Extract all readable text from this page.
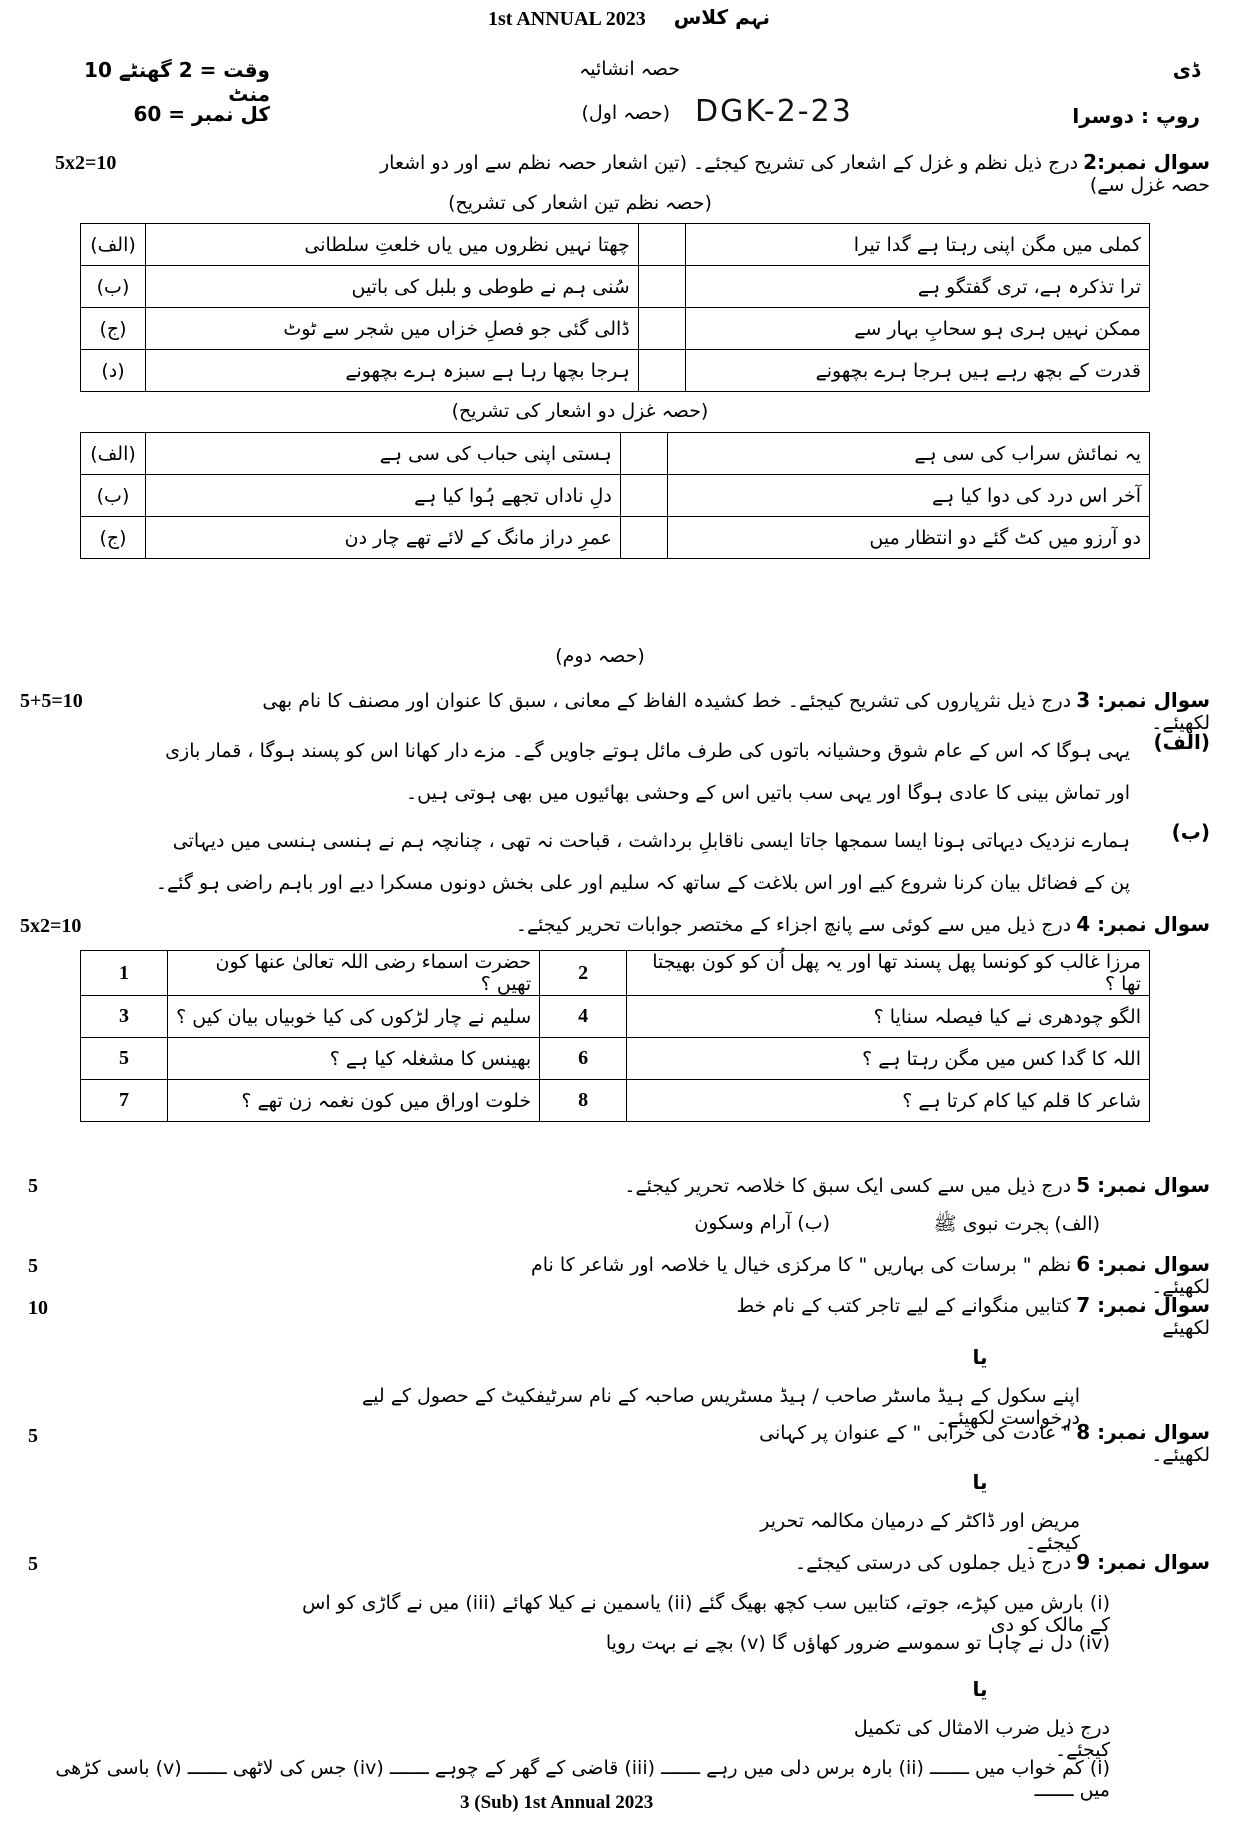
1st ANNUAL 2023	نہم کلاس
وقت = 2 گھنٹے 10 منٹ
حصہ انشائیہ	ڈی
کل نمبر = 60	(حصہ اول) DGK-2-23	روپ : دوسرا
5x2=10	سوال نمبر:2 درج ذیل نظم و غزل کے اشعار کی تشریح کیجئے۔ (تین اشعار حصہ نظم سے اور دو اشعار حصہ غزل سے)
(حصہ نظم تین اشعار کی تشریح)
(الف)	چھتا نہیں نظروں میں یاں خلعتِ سلطانی		کملی میں مگن اپنی رہتا ہے گدا تیرا
(ب)	سُنی ہم نے طوطی و بلبل کی باتیں		ترا تذکرہ ہے، تری گفتگو ہے
(ج)	ڈالی گئی جو فصلِ خزاں میں شجر سے ٹوٹ		ممکن نہیں ہری ہو سحابِ بہار سے
(د)	ہرجا بچھا رہا ہے سبزہ ہرے بچھونے		قدرت کے بچھ رہے ہیں ہرجا ہرے بچھونے
(حصہ غزل دو اشعار کی تشریح)
(الف)	ہستی اپنی حباب کی سی ہے		یہ نمائش سراب کی سی ہے
(ب)	دلِ ناداں تجھے ہُوا کیا ہے		آخر اس درد کی دوا کیا ہے
(ج)	عمرِ دراز مانگ کے لائے تھے چار دن		دو آرزو میں کٹ گئے دو انتظار میں
(حصہ دوم)
5+5=10	سوال نمبر: 3 درج ذیل نثرپاروں کی تشریح کیجئے۔ خط کشیدہ الفاظ کے معانی ، سبق کا عنوان اور مصنف کا نام بھی لکھیئے۔
(الف)
یہی ہوگا کہ اس کے عام شوق وحشیانہ باتوں کی طرف مائل ہوتے جاویں گے۔ مزے دار کھانا اس کو پسند ہوگا ، قمار بازی اور تماش بینی کا عادی ہوگا اور یہی سب باتیں اس کے وحشی بھائیوں میں بھی ہوتی ہیں۔
(ب)
ہمارے نزدیک دیہاتی ہونا ایسا سمجھا جاتا ایسی ناقابلِ برداشت ، قباحت نہ تھی ، چنانچہ ہم نے ہنسی ہنسی میں دیہاتی پن کے فضائل بیان کرنا شروع کیے اور اس بلاغت کے ساتھ کہ سلیم اور علی بخش دونوں مسکرا دیے اور باہم راضی ہو گئے۔
5x2=10	سوال نمبر: 4 درج ذیل میں سے کوئی سے پانچ اجزاء کے مختصر جوابات تحریر کیجئے۔
1	حضرت اسماء رضی اللہ تعالیٰ عنھا کون تھیں ؟	2	مرزا غالب کو کونسا پھل پسند تھا اور یہ پھل اُن کو کون بھیجتا تھا ؟
3	سلیم نے چار لڑکوں کی کیا خوبیاں بیان کیں ؟	4	الگو چودھری نے کیا فیصلہ سنایا ؟
5	بھینس کا مشغلہ کیا ہے ؟	6	اللہ کا گدا کس میں مگن رہتا ہے ؟
7	خلوت اوراق میں کون نغمہ زن تھے ؟	8	شاعر کا قلم کیا کام کرتا ہے ؟
5	سوال نمبر: 5 درج ذیل میں سے کسی ایک سبق کا خلاصہ تحریر کیجئے۔
(الف) ہجرت نبوی ﷺ
(ب) آرام وسکون
5	سوال نمبر: 6 نظم " برسات کی بہاریں " کا مرکزی خیال یا خلاصہ اور شاعر کا نام لکھیئے۔
10	سوال نمبر: 7 کتابیں منگوانے کے لیے تاجر کتب کے نام خط لکھیئے
یا
اپنے سکول کے ہیڈ ماسٹر صاحب / ہیڈ مسٹریس صاحبہ کے نام سرٹیفکیٹ کے حصول کے لیے درخواست لکھیئے۔
5	سوال نمبر: 8 " عادت کی خرابی " کے عنوان پر کہانی لکھیئے۔
یا
مریض اور ڈاکٹر کے درمیان مکالمہ تحریر کیجئے۔
5	سوال نمبر: 9 درج ذیل جملوں کی درستی کیجئے۔
(i) بارش میں کپڑے، جوتے، کتابیں سب کچھ بھیگ گئے (ii) یاسمین نے کیلا کھائے (iii) میں نے گاڑی کو اس کے مالک کو دی
(iv) دل نے چاہا تو سموسے ضرور کھاؤں گا (v) بچے نے بہت رویا
یا
درج ذیل ضرب الامثال کی تکمیل کیجئے۔
(i) کم خواب میں ـــــــ (ii) بارہ برس دلی میں رہے ـــــــ (iii) قاضی کے گھر کے چوہے ـــــــ (iv) جس کی لاٹھی ـــــــ (v) باسی کڑھی میں ـــــــ
3 (Sub) 1st Annual 2023
